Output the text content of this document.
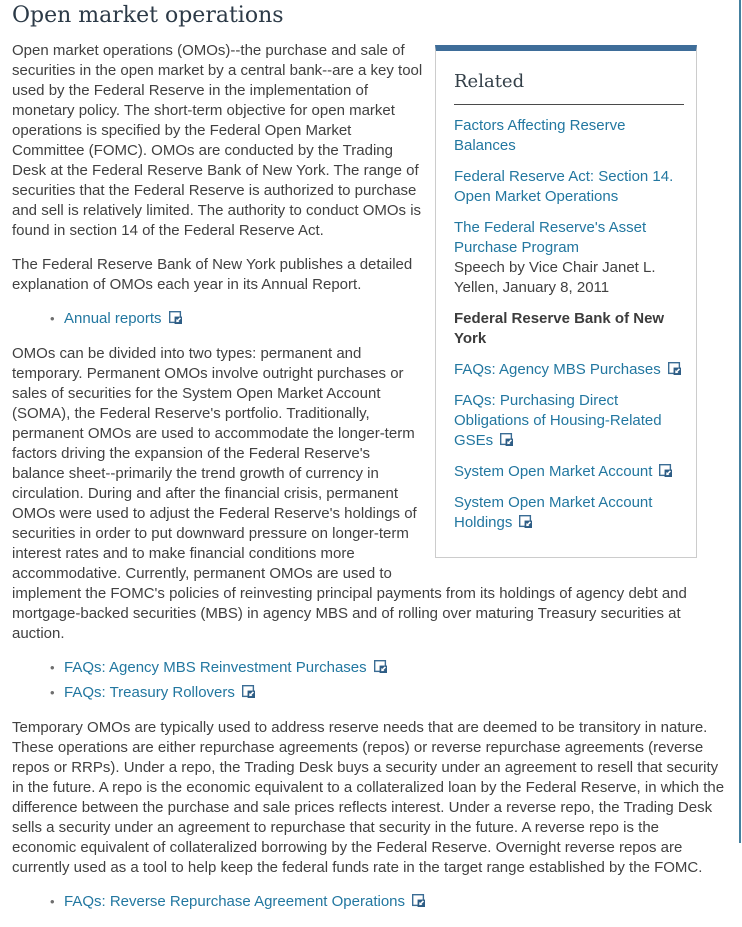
Open market operations
Related
Factors Affecting Reserve Balances
Federal Reserve Act: Section 14. Open Market Operations
The Federal Reserve's Asset Purchase Program
Speech by Vice Chair Janet L. Yellen, January 8, 2011
Federal Reserve Bank of New York
FAQs: Agency MBS Purchases
FAQs: Purchasing Direct Obligations of Housing-Related GSEs
System Open Market Account
System Open Market Account Holdings

Open market operations (OMOs)--the purchase and sale of securities in the open market by a central bank--are a key tool used by the Federal Reserve in the implementation of monetary policy. The short-term objective for open market operations is specified by the Federal Open Market Committee (FOMC). OMOs are conducted by the Trading Desk at the Federal Reserve Bank of New York. The range of securities that the Federal Reserve is authorized to purchase and sell is relatively limited. The authority to conduct OMOs is found in section 14 of the Federal Reserve Act.

The Federal Reserve Bank of New York publishes a detailed explanation of OMOs each year in its Annual Report.

• Annual reports

OMOs can be divided into two types: permanent and temporary. Permanent OMOs involve outright purchases or sales of securities for the System Open Market Account (SOMA), the Federal Reserve's portfolio. Traditionally, permanent OMOs are used to accommodate the longer-term factors driving the expansion of the Federal Reserve's balance sheet--primarily the trend growth of currency in circulation. During and after the financial crisis, permanent OMOs were used to adjust the Federal Reserve's holdings of securities in order to put downward pressure on longer-term interest rates and to make financial conditions more accommodative. Currently, permanent OMOs are used to implement the FOMC's policies of reinvesting principal payments from its holdings of agency debt and mortgage-backed securities (MBS) in agency MBS and of rolling over maturing Treasury securities at auction.

• FAQs: Agency MBS Reinvestment Purchases
• FAQs: Treasury Rollovers

Temporary OMOs are typically used to address reserve needs that are deemed to be transitory in nature. These operations are either repurchase agreements (repos) or reverse repurchase agreements (reverse repos or RRPs). Under a repo, the Trading Desk buys a security under an agreement to resell that security in the future. A repo is the economic equivalent to a collateralized loan by the Federal Reserve, in which the difference between the purchase and sale prices reflects interest. Under a reverse repo, the Trading Desk sells a security under an agreement to repurchase that security in the future. A reverse repo is the economic equivalent of collateralized borrowing by the Federal Reserve. Overnight reverse repos are currently used as a tool to help keep the federal funds rate in the target range established by the FOMC.

• FAQs: Reverse Repurchase Agreement Operations
